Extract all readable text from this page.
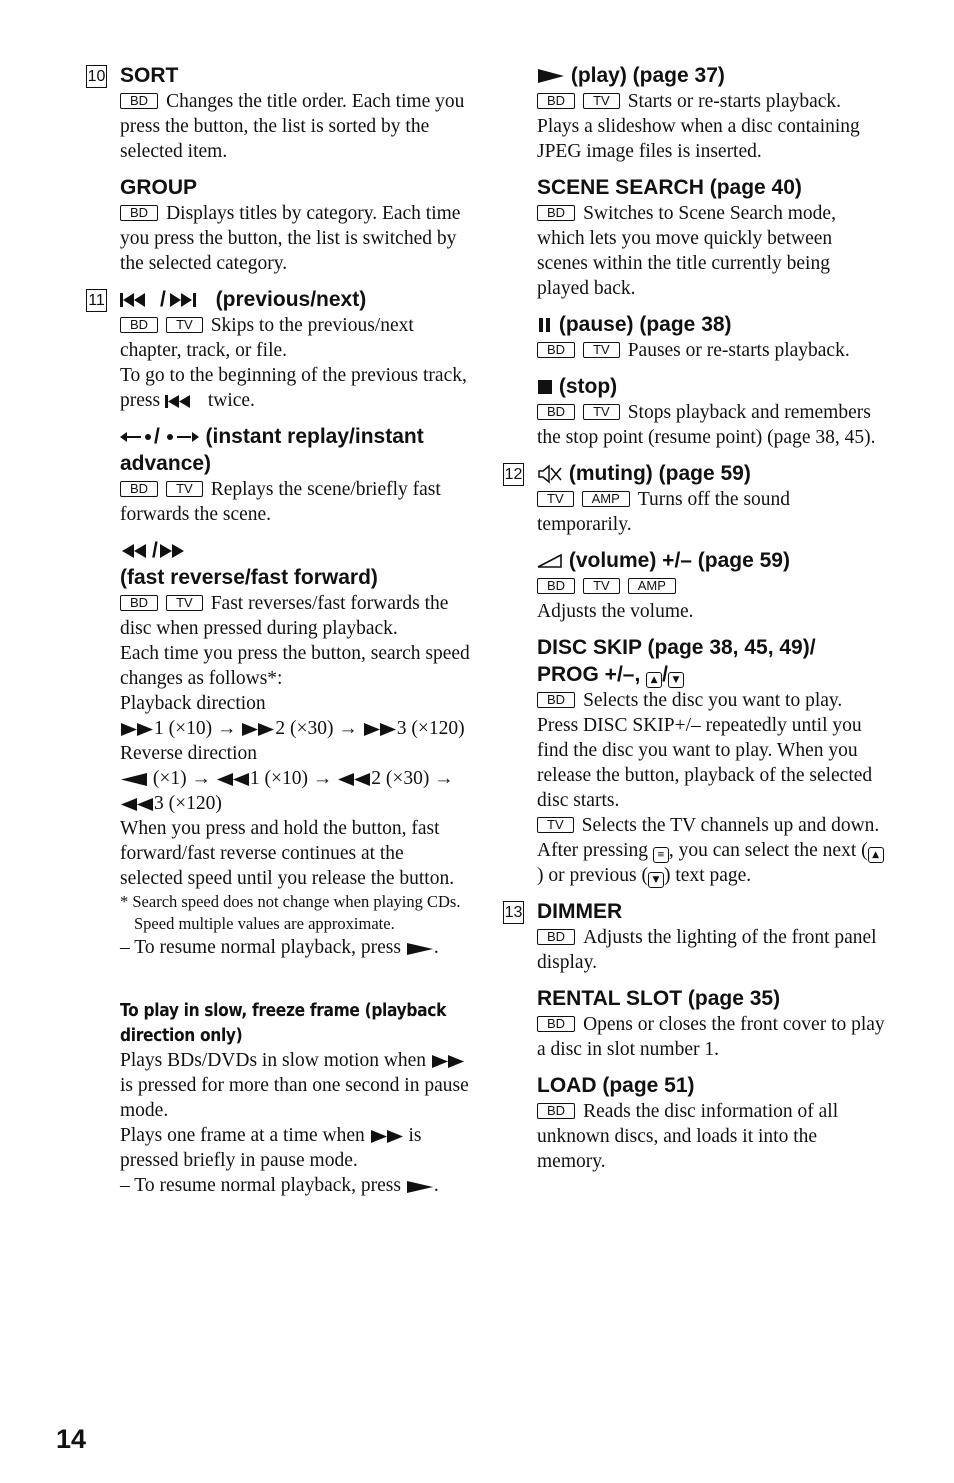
10 SORT

BD Changes the title order. Each time you press the button, the list is sorted by the selected item.

GROUP

BD Displays titles by category. Each time you press the button, the list is switched by the selected category.

11	/
(previous/next)

BD TV Skips to the previous/next chapter, track, or file.

To go to the beginning of the previous track, press
twice.

/
(instant replay/instant advance)

BD TV Replays the scene/briefly fast forwards the scene.

/

(fast reverse/fast forward)

BD TV Fast reverses/fast forwards the disc when pressed during playback.

Each time you press the button, search speed changes as follows*:

Playback direction

1 (×10) →
2 (×30) →
3 (×120)

Reverse direction

(×1) →
1 (×10) →
2 (×30) →
3 (×120)

When you press and hold the button, fast forward/fast reverse continues at the selected speed until you release the button.

* Search speed does not change when playing CDs.

Speed multiple values are approximate.

– To resume normal playback, press
.

To play in slow, freeze frame (playback direction only)

Plays BDs/DVDs in slow motion when
is pressed for more than one second in pause mode.

Plays one frame at a time when
is pressed briefly in pause mode.

– To resume normal playback, press
.

(play) (page 37)

BD TV Starts or re-starts playback.

Plays a slideshow when a disc containing JPEG image files is inserted.

SCENE SEARCH (page 40)

BD Switches to Scene Search mode, which lets you move quickly between scenes within the title currently being played back.

(pause) (page 38)

BD TV Pauses or re-starts playback.

(stop)

BD TV Stops playback and remembers the stop point (resume point) (page 38, 45).

12	(muting) (page 59)

TV AMP Turns off the sound temporarily.

(volume) +/– (page 59)

BD TV AMP

Adjusts the volume.

DISC SKIP (page 38, 45, 49)/

PROG +/–, ▲ / ▼

BD Selects the disc you want to play. Press DISC SKIP+/– repeatedly until you find the disc you want to play. When you release the button, playback of the selected disc starts.

TV Selects the TV channels up and down. After pressing ≡ , you can select the next ( ▲) or previous ( ▼ ) text page.

13 DIMMER

BD Adjusts the lighting of the front panel display.

RENTAL SLOT (page 35)

BD Opens or closes the front cover to play a disc in slot number 1.

LOAD (page 51)

BD Reads the disc information of all unknown discs, and loads it into the memory.

14
